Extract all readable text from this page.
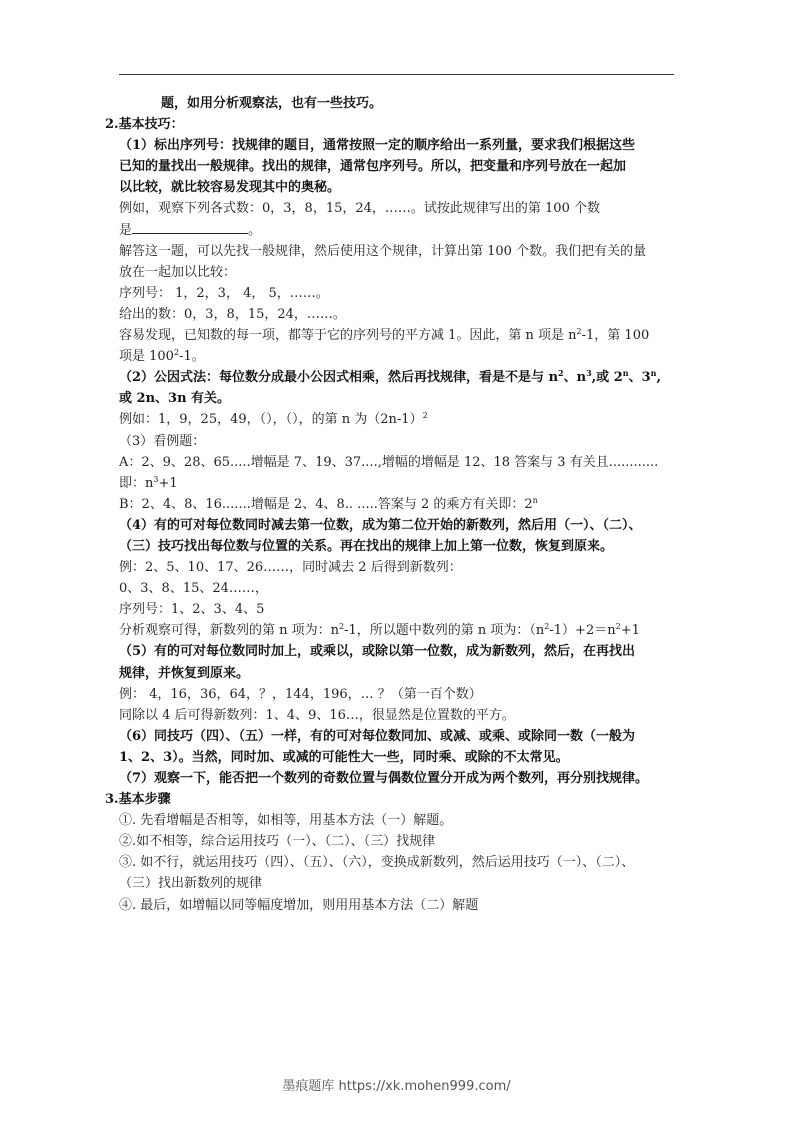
题，如用分析观察法，也有一些技巧。
2.基本技巧：
（1）标出序列号：找规律的题目，通常按照一定的顺序给出一系列量，要求我们根据这些
已知的量找出一般规律。找出的规律，通常包序列号。所以，把变量和序列号放在一起加
以比较，就比较容易发现其中的奥秘。
例如，观察下列各式数：0，3，8，15，24，……。试按此规律写出的第 100 个数
是	。
解答这一题，可以先找一般规律，然后使用这个规律，计算出第 100 个数。我们把有关的量
放在一起加以比较：
序列号： 1，2，3， 4， 5，……。
给出的数：0，3，8，15，24，……。
容易发现，已知数的每一项，都等于它的序列号的平方减 1。因此，第 n 项是 $n^2-1$，第 100
项是 $100^2-1$。
（2）公因式法：每位数分成最小公因式相乘，然后再找规律，看是不是与 $n^2$、$n^3$,或 2$^n$、3$^n$,
或 2n、3n 有关。
例如：1，9，25，49，（），（），的第 n 为$(2n-1)^2$
（3）看例题：
A：2、9、28、65.....增幅是 7、19、37....,增幅的增幅是 12、18 答案与 3 有关且............
即：$n^3+1$
B：2、4、8、16.......增幅是 2、4、8.. .....答案与 2 的乘方有关即：2$^n$
（4）有的可对每位数同时减去第一位数，成为第二位开始的新数列，然后用（一）、（二）、
（三）技巧找出每位数与位置的关系。再在找出的规律上加上第一位数，恢复到原来。
例：2、5、10、17、26……，同时减去 2 后得到新数列：
0、3、8、15、24……，
序列号：1、2、3、4、5
分析观察可得，新数列的第 n 项为：$n^2-1$，所以题中数列的第 n 项为：$(n^2-1)+2=n^2+1$
（5）有的可对每位数同时加上，或乘以，或除以第一位数，成为新数列，然后，在再找出
规律，并恢复到原来。
例： 4，16，36，64，？，144，196，… ？（第一百个数）
同除以 4 后可得新数列：1、4、9、16…，很显然是位置数的平方。
（6）同技巧（四）、（五）一样，有的可对每位数同加、或减、或乘、或除同一数（一般为
1、2、3）。当然，同时加、或减的可能性大一些，同时乘、或除的不太常见。
（7）观察一下，能否把一个数列的奇数位置与偶数位置分开成为两个数列，再分别找规律。
3.基本步骤
①. 先看增幅是否相等，如相等，用基本方法（一）解题。
②.如不相等，综合运用技巧（一）、（二）、（三）找规律
③. 如不行，就运用技巧（四）、（五）、（六），变换成新数列，然后运用技巧（一）、（二）、
（三）找出新数列的规律
④. 最后，如增幅以同等幅度增加，则用用基本方法（二）解题
墨痕题库 https://xk.mohen999.com/
